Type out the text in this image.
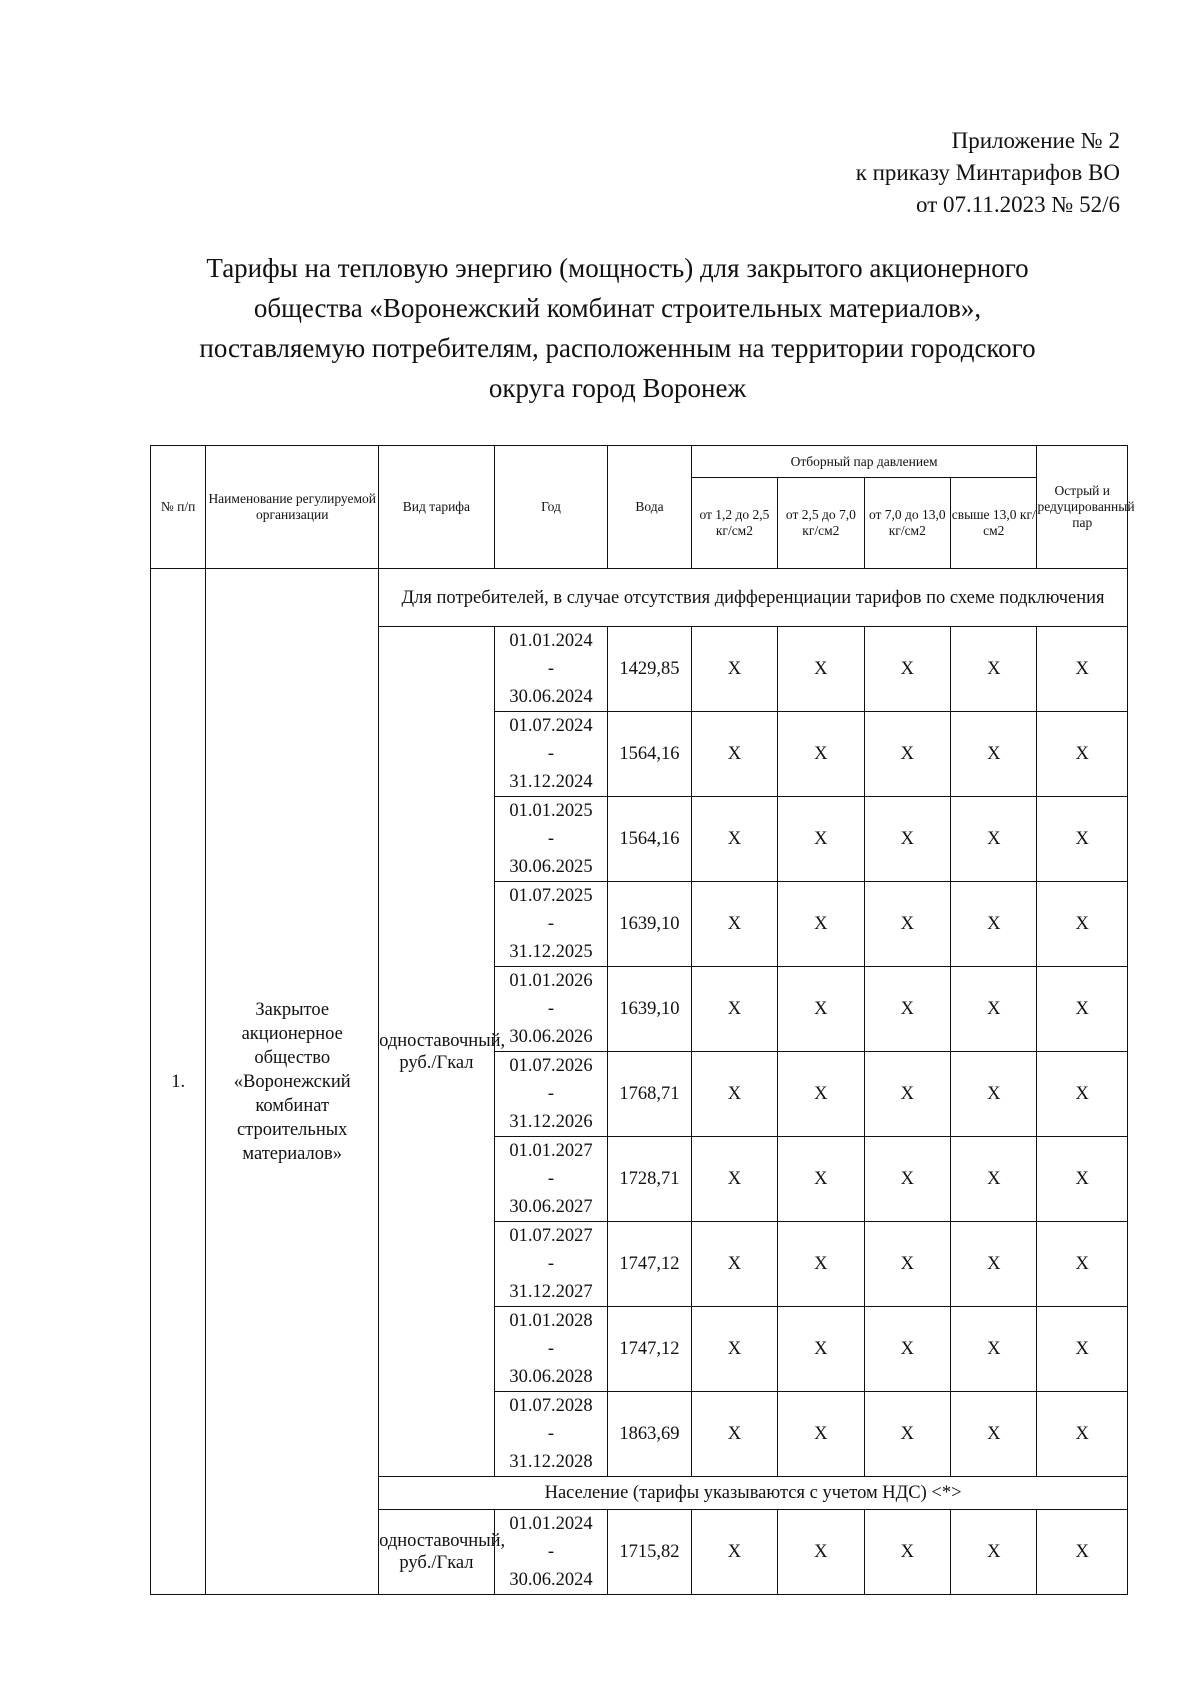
Приложение № 2
к приказу Минтарифов ВО
от 07.11.2023 № 52/6
Тарифы на тепловую энергию (мощность) для закрытого акционерного
общества «Воронежский комбинат строительных материалов»,
поставляемую потребителям, расположенным на территории городского
округа город Воронеж
№ п/п	Наименование регулируемой организации	Вид тарифа	Год	Вода	Отборный пар давлением				Острый и редуцированный пар
					от 1,2 до 2,5 кг/см2	от 2,5 до 7,0 кг/см2	от 7,0 до 13,0 кг/см2	свыше 13,0 кг/см2	
1.	Закрытое акционерное общество «Воронежский комбинат строительных материалов»	Для потребителей, в случае отсутствия дифференциации тарифов по схеме подключения							
		одноставочный, руб./Гкал	01.01.2024
-
30.06.2024	1429,85	X	X	X	X	X

			01.07.2024
-
31.12.2024	1564,16	X	X	X	X	X

			01.01.2025
-
30.06.2025	1564,16	X	X	X	X	X

			01.07.2025
-
31.12.2025	1639,10	X	X	X	X	X

			01.01.2026
-
30.06.2026	1639,10	X	X	X	X	X

			01.07.2026
-
31.12.2026	1768,71	X	X	X	X	X

			01.01.2027
-
30.06.2027	1728,71	X	X	X	X	X

			01.07.2027
-
31.12.2027	1747,12	X	X	X	X	X

			01.01.2028
-
30.06.2028	1747,12	X	X	X	X	X

			01.07.2028
-
31.12.2028	1863,69	X	X	X	X	X
		Население (тарифы указываются с учетом НДС) <*>							
		одноставочный, руб./Гкал	01.01.2024
-
30.06.2024	1715,82	X	X	X	X	X
